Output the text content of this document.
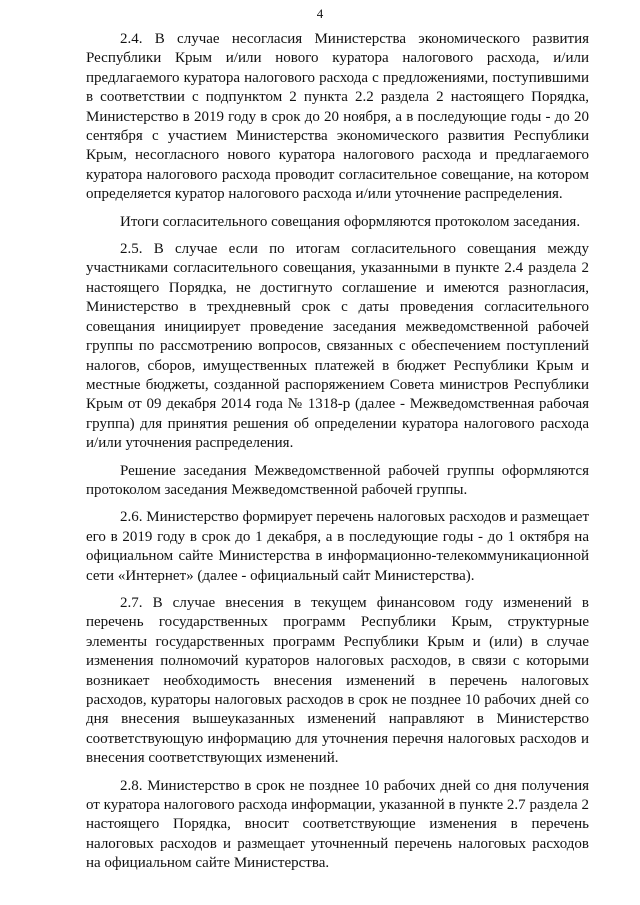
4

2.4. В случае несогласия Министерства экономического развития Республики Крым и/или нового куратора налогового расхода, и/или предлагаемого куратора налогового расхода с предложениями, поступившими в соответствии с подпунктом 2 пункта 2.2 раздела 2 настоящего Порядка, Министерство в 2019 году в срок до 20 ноября, а в последующие годы - до 20 сентября с участием Министерства экономического развития Республики Крым, несогласного нового куратора налогового расхода и предлагаемого куратора налогового расхода проводит согласительное совещание, на котором определяется куратор налогового расхода и/или уточнение распределения.

Итоги согласительного совещания оформляются протоколом заседания.

2.5. В случае если по итогам согласительного совещания между участниками согласительного совещания, указанными в пункте 2.4 раздела 2 настоящего Порядка, не достигнуто соглашение и имеются разногласия, Министерство в трехдневный срок с даты проведения согласительного совещания инициирует проведение заседания межведомственной рабочей группы по рассмотрению вопросов, связанных с обеспечением поступлений налогов, сборов, имущественных платежей в бюджет Республики Крым и местные бюджеты, созданной распоряжением Совета министров Республики Крым от 09 декабря 2014 года № 1318-р (далее - Межведомственная рабочая группа) для принятия решения об определении куратора налогового расхода и/или уточнения распределения.

Решение заседания Межведомственной рабочей группы оформляются протоколом заседания Межведомственной рабочей группы.

2.6. Министерство формирует перечень налоговых расходов и размещает его в 2019 году в срок до 1 декабря, а в последующие годы - до 1 октября на официальном сайте Министерства в информационно-телекоммуникационной сети «Интернет» (далее - официальный сайт Министерства).

2.7. В случае внесения в текущем финансовом году изменений в перечень государственных программ Республики Крым, структурные элементы государственных программ Республики Крым и (или) в случае изменения полномочий кураторов налоговых расходов, в связи с которыми возникает необходимость внесения изменений в перечень налоговых расходов, кураторы налоговых расходов в срок не позднее 10 рабочих дней со дня внесения вышеуказанных изменений направляют в Министерство соответствующую информацию для уточнения перечня налоговых расходов и внесения соответствующих изменений.

2.8. Министерство в срок не позднее 10 рабочих дней со дня получения от куратора налогового расхода информации, указанной в пункте 2.7 раздела 2 настоящего Порядка, вносит соответствующие изменения в перечень налоговых расходов и размещает уточненный перечень налоговых расходов на официальном сайте Министерства.
